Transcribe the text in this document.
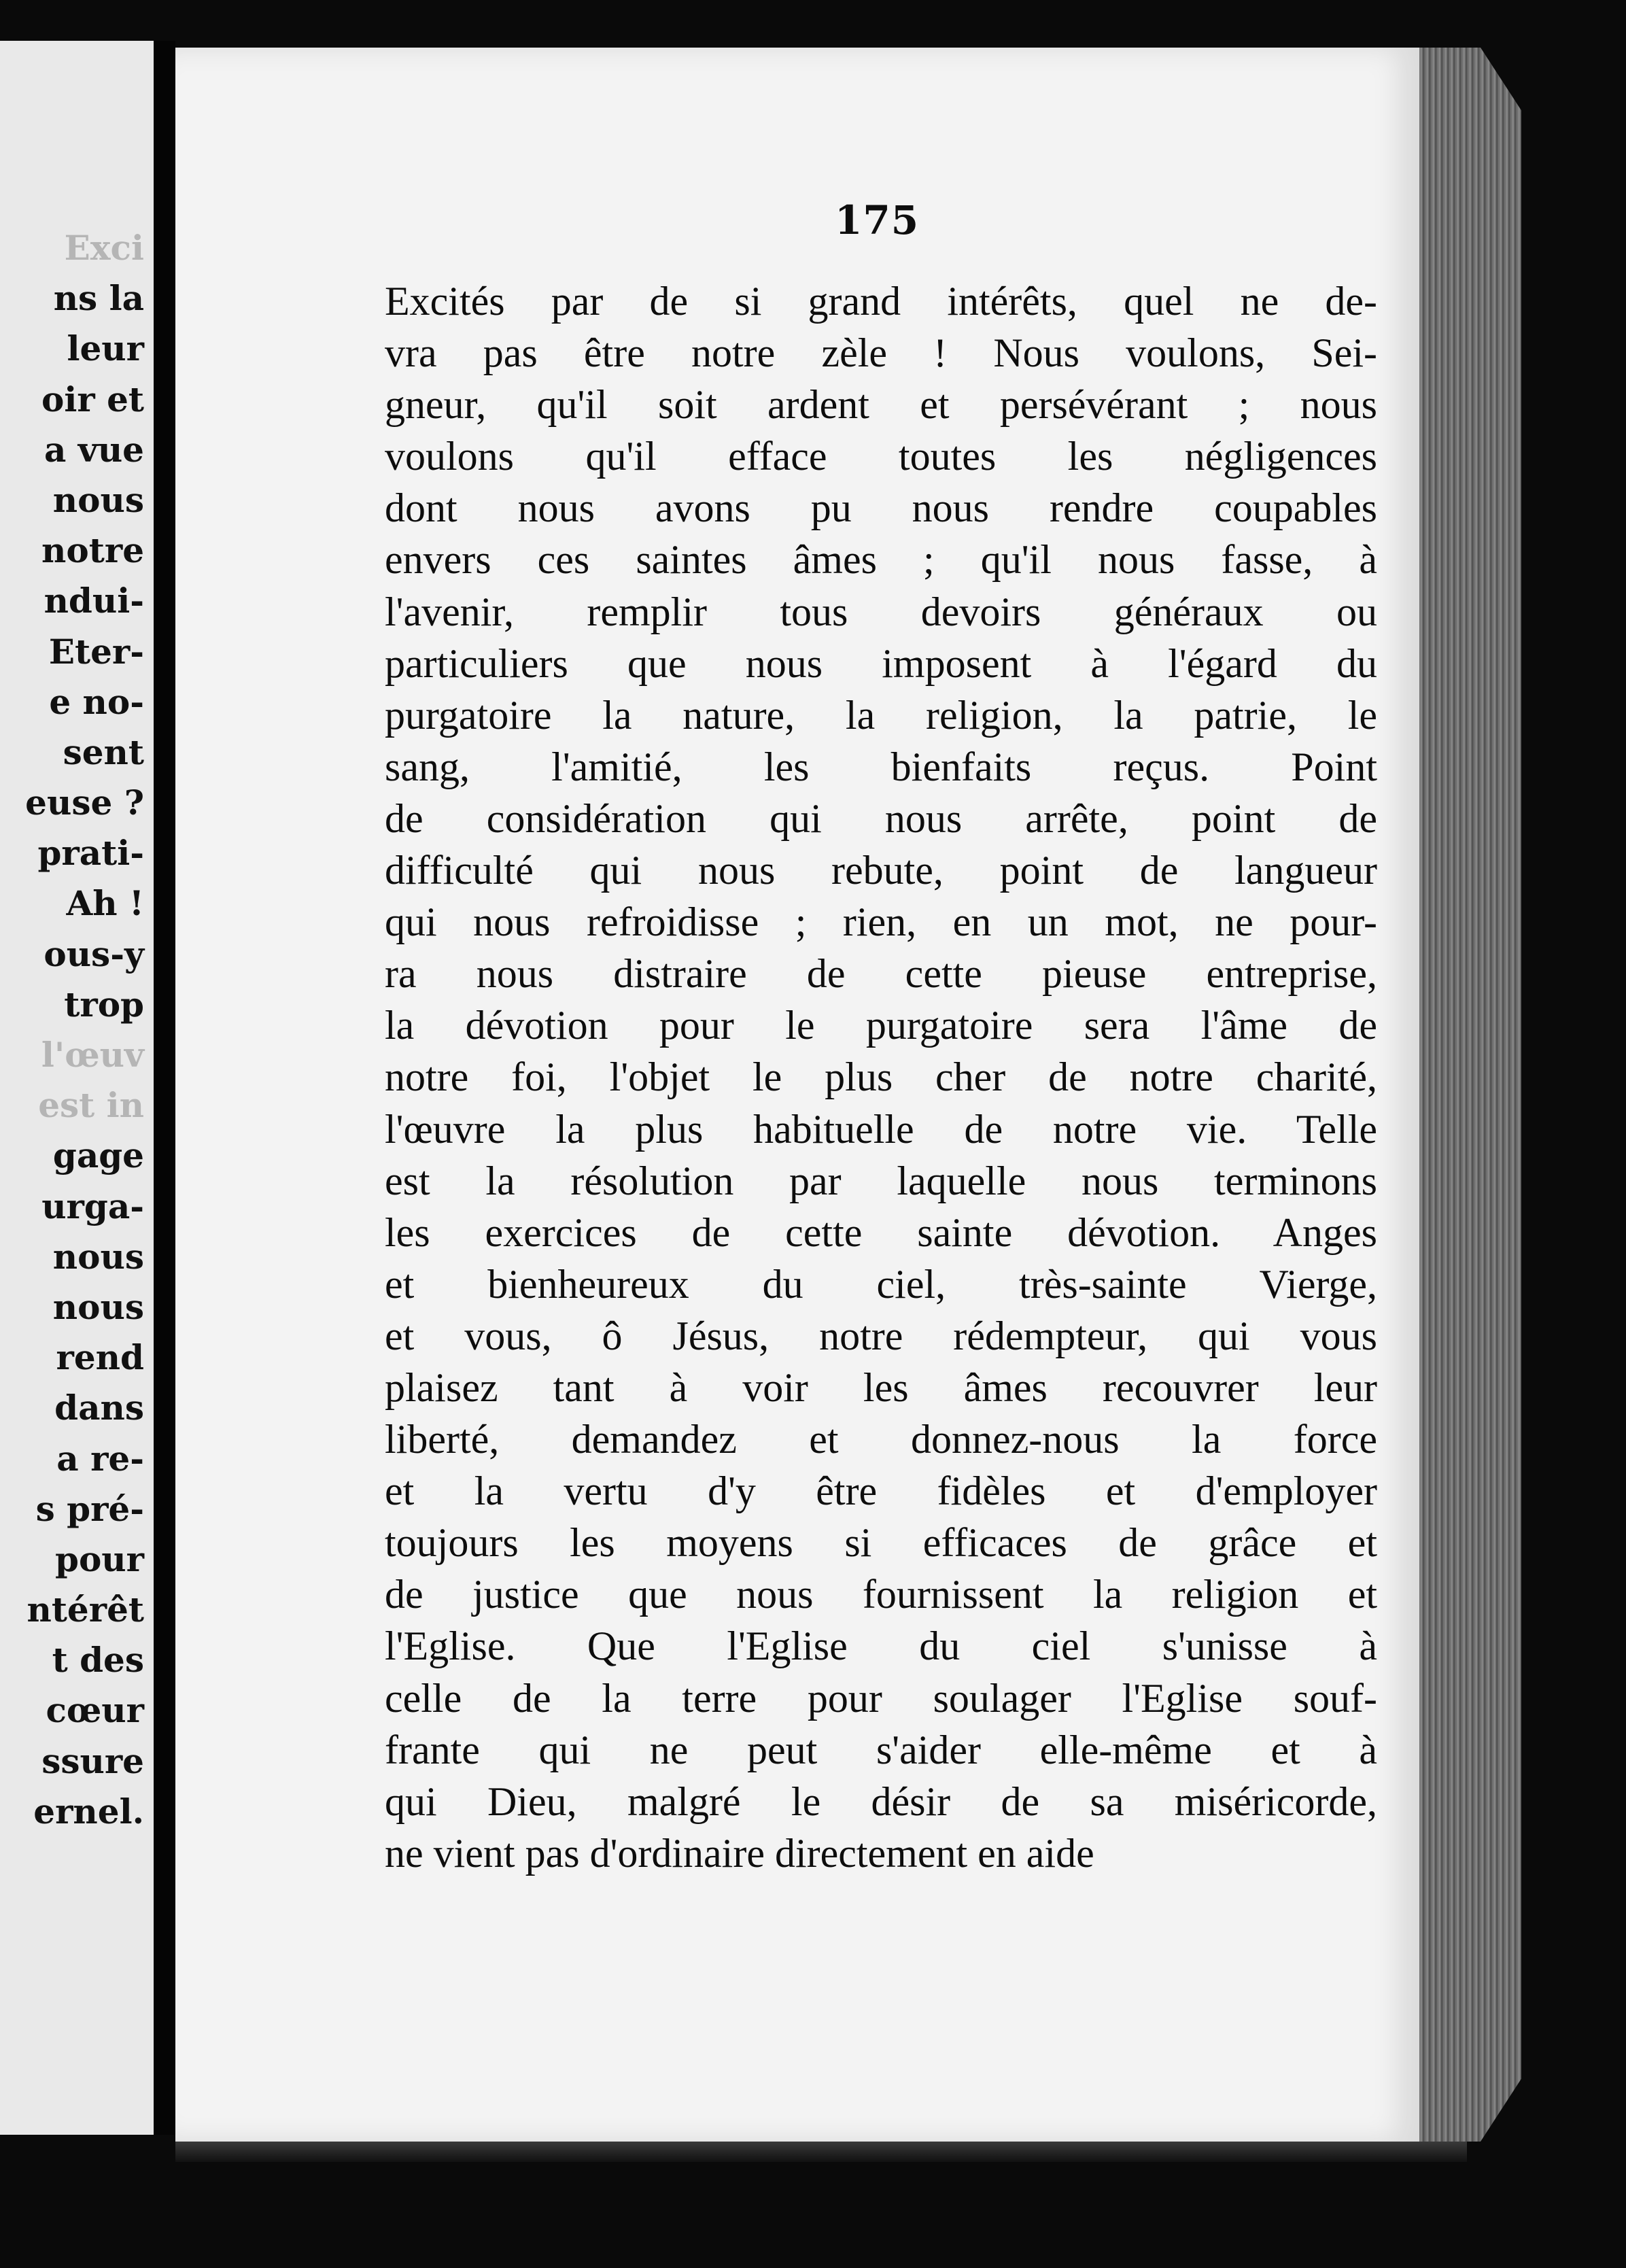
Exci
ns la
leur
oir et
a vue
nous
notre
ndui-
Eter-
e no-
sent
euse ?
prati-
Ah !
ous-y
trop
l'œuv
est in
gage
urga-
nous
nous
rend
dans
a re-
s pré-
pour
ntérêt
t des
cœur
ssure
ernel.
175
Excités par de si grand intérêts, quel ne de-
vra pas être notre zèle ! Nous voulons, Sei-
gneur, qu'il soit ardent et persévérant ; nous
voulons qu'il efface toutes les négligences
dont nous avons pu nous rendre coupables
envers ces saintes âmes ; qu'il nous fasse, à
l'avenir, remplir tous devoirs généraux ou
particuliers que nous imposent à l'égard du
purgatoire la nature, la religion, la patrie, le
sang, l'amitié, les bienfaits reçus. Point
de considération qui nous arrête, point de
difficulté qui nous rebute, point de langueur
qui nous refroidisse ; rien, en un mot, ne pour-
ra nous distraire de cette pieuse entreprise,
la dévotion pour le purgatoire sera l'âme de
notre foi, l'objet le plus cher de notre charité,
l'œuvre la plus habituelle de notre vie. Telle
est la résolution par laquelle nous terminons
les exercices de cette sainte dévotion. Anges
et bienheureux du ciel, très-sainte Vierge,
et vous, ô Jésus, notre rédempteur, qui vous
plaisez tant à voir les âmes recouvrer leur
liberté, demandez et donnez-nous la force
et la vertu d'y être fidèles et d'employer
toujours les moyens si efficaces de grâce et
de justice que nous fournissent la religion et
l'Eglise. Que l'Eglise du ciel s'unisse à
celle de la terre pour soulager l'Eglise souf-
frante qui ne peut s'aider elle-même et à
qui Dieu, malgré le désir de sa miséricorde,
ne vient pas d'ordinaire directement en aide
